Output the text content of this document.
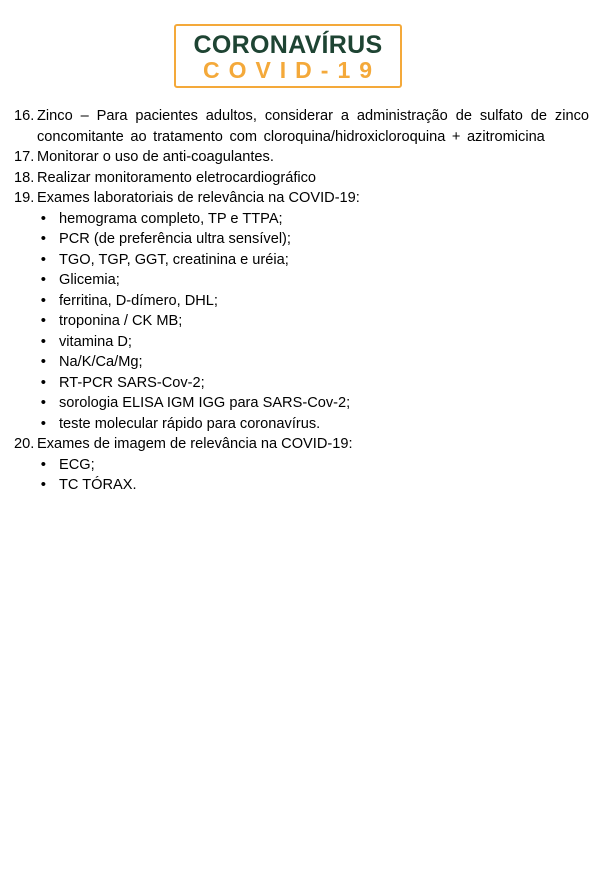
CORONAVÍRUS
COVID-19
16. Zinco – Para pacientes adultos, considerar a administração de sulfato de zinco concomitante ao tratamento com cloroquina/hidroxicloroquina + azitromicina
17. Monitorar o uso de anti-coagulantes.
18. Realizar monitoramento eletrocardiográfico
19. Exames laboratoriais de relevância na COVID-19:
•
hemograma completo, TP e TTPA;
•
PCR (de preferência ultra sensível);
•
TGO, TGP, GGT, creatinina e uréia;
•
Glicemia;
•
ferritina, D-dímero, DHL;
•
troponina / CK MB;
•
vitamina D;
•
Na/K/Ca/Mg;
•
RT-PCR SARS-Cov-2;
•
sorologia ELISA IGM IGG para SARS-Cov-2;
•
teste molecular rápido para coronavírus.
20. Exames de imagem de relevância na COVID-19:
•
ECG;
•
TC TÓRAX.
